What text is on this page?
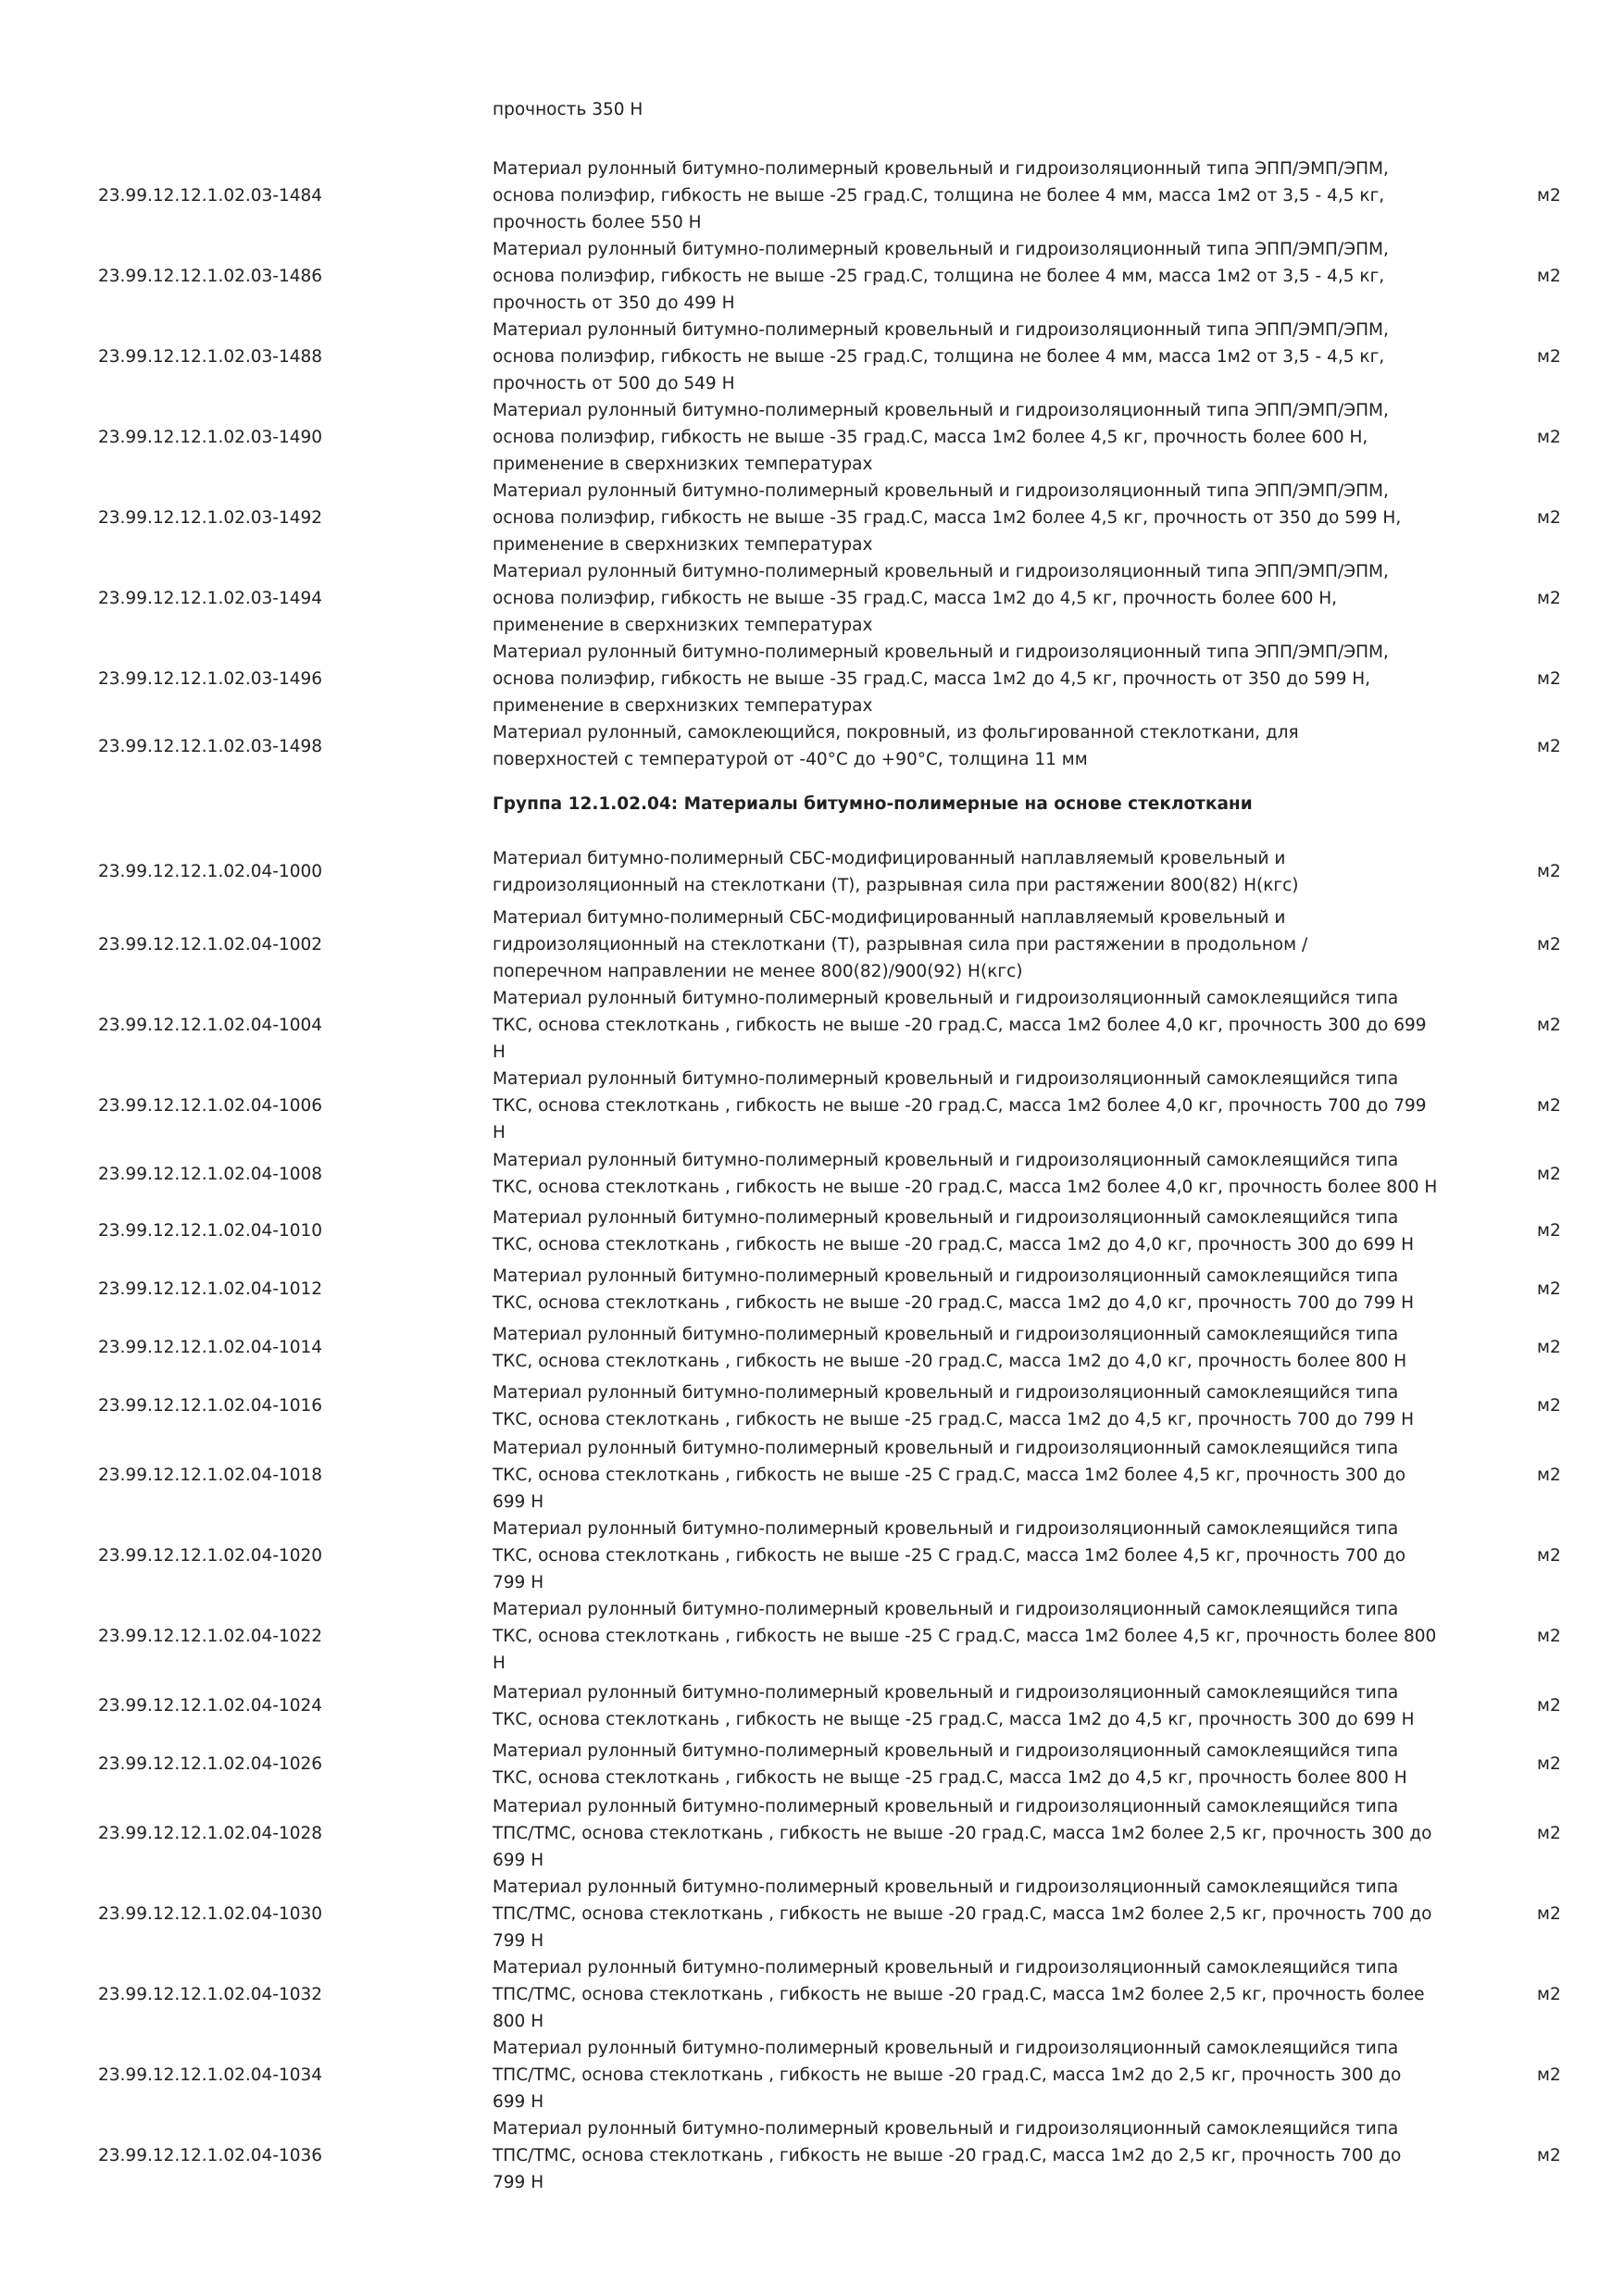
прочность 350 Н
23.99.12.12.1.02.03-1484
Материал рулонный битумно-полимерный кровельный и гидроизоляционный типа ЭПП/ЭМП/ЭПМ,
основа полиэфир, гибкость не выше -25 град.С, толщина не более 4 мм, масса 1м2 от 3,5 - 4,5 кг,
прочность более 550 Н
м2
23.99.12.12.1.02.03-1486
Материал рулонный битумно-полимерный кровельный и гидроизоляционный типа ЭПП/ЭМП/ЭПМ,
основа полиэфир, гибкость не выше -25 град.С, толщина не более 4 мм, масса 1м2 от 3,5 - 4,5 кг,
прочность от 350 до 499 Н
м2
23.99.12.12.1.02.03-1488
Материал рулонный битумно-полимерный кровельный и гидроизоляционный типа ЭПП/ЭМП/ЭПМ,
основа полиэфир, гибкость не выше -25 град.С, толщина не более 4 мм, масса 1м2 от 3,5 - 4,5 кг,
прочность от 500 до 549 Н
м2
23.99.12.12.1.02.03-1490
Материал рулонный битумно-полимерный кровельный и гидроизоляционный типа ЭПП/ЭМП/ЭПМ,
основа полиэфир, гибкость не выше -35 град.С, масса 1м2 более 4,5 кг, прочность более 600 Н,
применение в сверхнизких температурах
м2
23.99.12.12.1.02.03-1492
Материал рулонный битумно-полимерный кровельный и гидроизоляционный типа ЭПП/ЭМП/ЭПМ,
основа полиэфир, гибкость не выше -35 град.С, масса 1м2 более 4,5 кг, прочность от 350 до 599 Н,
применение в сверхнизких температурах
м2
23.99.12.12.1.02.03-1494
Материал рулонный битумно-полимерный кровельный и гидроизоляционный типа ЭПП/ЭМП/ЭПМ,
основа полиэфир, гибкость не выше -35 град.С, масса 1м2 до 4,5 кг, прочность более 600 Н,
применение в сверхнизких температурах
м2
23.99.12.12.1.02.03-1496
Материал рулонный битумно-полимерный кровельный и гидроизоляционный типа ЭПП/ЭМП/ЭПМ,
основа полиэфир, гибкость не выше -35 град.С, масса 1м2 до 4,5 кг, прочность от 350 до 599 Н,
применение в сверхнизких температурах
м2
23.99.12.12.1.02.03-1498
Материал рулонный, самоклеющийся, покровный, из фольгированной стеклоткани, для
поверхностей с температурой от -40°С до +90°С, толщина 11 мм
м2
Группа 12.1.02.04: Материалы битумно-полимерные на основе стеклоткани
23.99.12.12.1.02.04-1000
Материал битумно-полимерный СБС-модифицированный наплавляемый кровельный и
гидроизоляционный на стеклоткани (Т), разрывная сила при растяжении 800(82) Н(кгс)
м2
23.99.12.12.1.02.04-1002
Материал битумно-полимерный СБС-модифицированный наплавляемый кровельный и
гидроизоляционный на стеклоткани (Т), разрывная сила при растяжении в продольном /
поперечном направлении не менее 800(82)/900(92) Н(кгс)
м2
23.99.12.12.1.02.04-1004
Материал рулонный битумно-полимерный кровельный и гидроизоляционный самоклеящийся типа
ТКС, основа стеклоткань , гибкость не выше -20 град.С, масса 1м2 более 4,0 кг, прочность 300 до 699
Н
м2
23.99.12.12.1.02.04-1006
Материал рулонный битумно-полимерный кровельный и гидроизоляционный самоклеящийся типа
ТКС, основа стеклоткань , гибкость не выше -20 град.С, масса 1м2 более 4,0 кг, прочность 700 до 799
Н
м2
23.99.12.12.1.02.04-1008
Материал рулонный битумно-полимерный кровельный и гидроизоляционный самоклеящийся типа
ТКС, основа стеклоткань , гибкость не выше -20 град.С, масса 1м2 более 4,0 кг, прочность более 800 Н
м2
23.99.12.12.1.02.04-1010
Материал рулонный битумно-полимерный кровельный и гидроизоляционный самоклеящийся типа
ТКС, основа стеклоткань , гибкость не выше -20 град.С, масса 1м2 до 4,0 кг, прочность 300 до 699 Н
м2
23.99.12.12.1.02.04-1012
Материал рулонный битумно-полимерный кровельный и гидроизоляционный самоклеящийся типа
ТКС, основа стеклоткань , гибкость не выше -20 град.С, масса 1м2 до 4,0 кг, прочность 700 до 799 Н
м2
23.99.12.12.1.02.04-1014
Материал рулонный битумно-полимерный кровельный и гидроизоляционный самоклеящийся типа
ТКС, основа стеклоткань , гибкость не выше -20 град.С, масса 1м2 до 4,0 кг, прочность более 800 Н
м2
23.99.12.12.1.02.04-1016
Материал рулонный битумно-полимерный кровельный и гидроизоляционный самоклеящийся типа
ТКС, основа стеклоткань , гибкость не выше -25 град.С, масса 1м2 до 4,5 кг, прочность 700 до 799 Н
м2
23.99.12.12.1.02.04-1018
Материал рулонный битумно-полимерный кровельный и гидроизоляционный самоклеящийся типа
ТКС, основа стеклоткань , гибкость не выше -25 С град.С, масса 1м2 более 4,5 кг, прочность 300 до
699 Н
м2
23.99.12.12.1.02.04-1020
Материал рулонный битумно-полимерный кровельный и гидроизоляционный самоклеящийся типа
ТКС, основа стеклоткань , гибкость не выше -25 С град.С, масса 1м2 более 4,5 кг, прочность 700 до
799 Н
м2
23.99.12.12.1.02.04-1022
Материал рулонный битумно-полимерный кровельный и гидроизоляционный самоклеящийся типа
ТКС, основа стеклоткань , гибкость не выше -25 С град.С, масса 1м2 более 4,5 кг, прочность более 800
Н
м2
23.99.12.12.1.02.04-1024
Материал рулонный битумно-полимерный кровельный и гидроизоляционный самоклеящийся типа
ТКС, основа стеклоткань , гибкость не выще -25 град.С, масса 1м2 до 4,5 кг, прочность 300 до 699 Н
м2
23.99.12.12.1.02.04-1026
Материал рулонный битумно-полимерный кровельный и гидроизоляционный самоклеящийся типа
ТКС, основа стеклоткань , гибкость не выще -25 град.С, масса 1м2 до 4,5 кг, прочность более 800 Н
м2
23.99.12.12.1.02.04-1028
Материал рулонный битумно-полимерный кровельный и гидроизоляционный самоклеящийся типа
ТПС/ТМС, основа стеклоткань , гибкость не выше -20 град.С, масса 1м2 более 2,5 кг, прочность 300 до
699 Н
м2
23.99.12.12.1.02.04-1030
Материал рулонный битумно-полимерный кровельный и гидроизоляционный самоклеящийся типа
ТПС/ТМС, основа стеклоткань , гибкость не выше -20 град.С, масса 1м2 более 2,5 кг, прочность 700 до
799 Н
м2
23.99.12.12.1.02.04-1032
Материал рулонный битумно-полимерный кровельный и гидроизоляционный самоклеящийся типа
ТПС/ТМС, основа стеклоткань , гибкость не выше -20 град.С, масса 1м2 более 2,5 кг, прочность более
800 Н
м2
23.99.12.12.1.02.04-1034
Материал рулонный битумно-полимерный кровельный и гидроизоляционный самоклеящийся типа
ТПС/ТМС, основа стеклоткань , гибкость не выше -20 град.С, масса 1м2 до 2,5 кг, прочность 300 до
699 Н
м2
23.99.12.12.1.02.04-1036
Материал рулонный битумно-полимерный кровельный и гидроизоляционный самоклеящийся типа
ТПС/ТМС, основа стеклоткань , гибкость не выше -20 град.С, масса 1м2 до 2,5 кг, прочность 700 до
799 Н
м2
